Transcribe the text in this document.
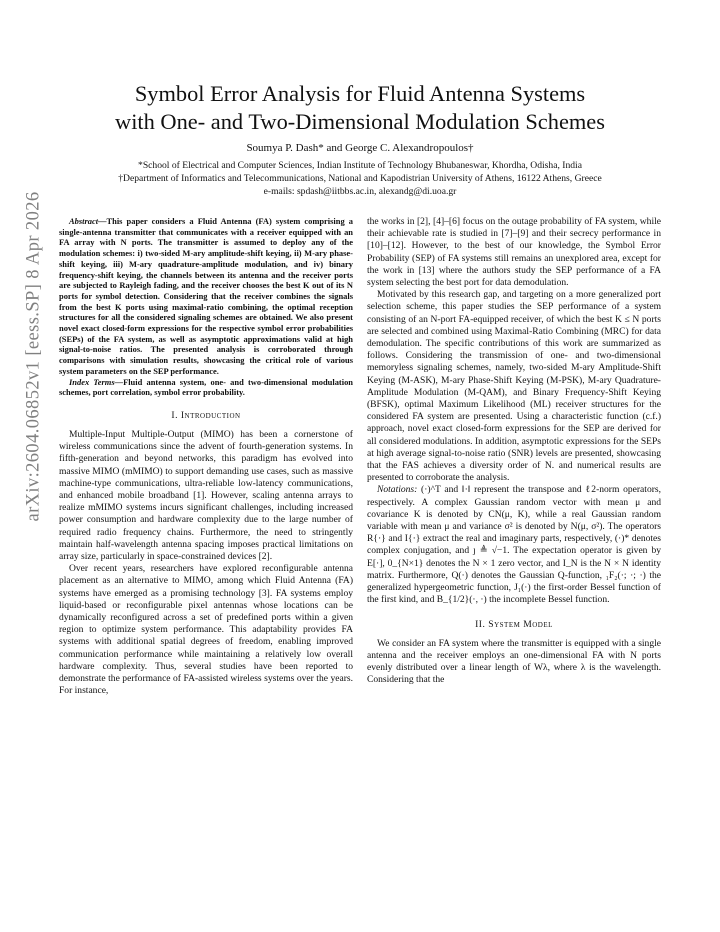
arXiv:2604.06852v1 [eess.SP] 8 Apr 2026
Symbol Error Analysis for Fluid Antenna Systems
with One- and Two-Dimensional Modulation Schemes
Soumya P. Dash* and George C. Alexandropoulos†
*School of Electrical and Computer Sciences, Indian Institute of Technology Bhubaneswar, Khordha, Odisha, India
†Department of Informatics and Telecommunications, National and Kapodistrian University of Athens, 16122 Athens, Greece
e-mails: spdash@iitbbs.ac.in, alexandg@di.uoa.gr

Abstract—This paper considers a Fluid Antenna (FA) system comprising a single-antenna transmitter that communicates with a receiver equipped with an FA array with N ports. The transmitter is assumed to deploy any of the modulation schemes: i) two-sided M-ary amplitude-shift keying, ii) M-ary phase-shift keying, iii) M-ary quadrature-amplitude modulation, and iv) binary frequency-shift keying, the channels between its antenna and the receiver ports are subjected to Rayleigh fading, and the receiver chooses the best K out of its N ports for symbol detection. Considering that the receiver combines the signals from the best K ports using maximal-ratio combining, the optimal reception structures for all the considered signaling schemes are obtained. We also present novel exact closed-form expressions for the respective symbol error probabilities (SEPs) of the FA system, as well as asymptotic approximations valid at high signal-to-noise ratios. The presented analysis is corroborated through comparisons with simulation results, showcasing the critical role of various system parameters on the SEP performance.

Index Terms—Fluid antenna system, one- and two-dimensional modulation schemes, port correlation, symbol error probability.

I. Introduction

Multiple-Input Multiple-Output (MIMO) has been a cornerstone of wireless communications since the advent of fourth-generation systems. In fifth-generation and beyond networks, this paradigm has evolved into massive MIMO (mMIMO) to support demanding use cases, such as massive machine-type communications, ultra-reliable low-latency communications, and enhanced mobile broadband [1]. However, scaling antenna arrays to realize mMIMO systems incurs significant challenges, including increased power consumption and hardware complexity due to the large number of required radio frequency chains. Furthermore, the need to stringently maintain half-wavelength antenna spacing imposes practical limitations on array size, particularly in space-constrained devices [2].

Over recent years, researchers have explored reconfigurable antenna placement as an alternative to MIMO, among which Fluid Antenna (FA) systems have emerged as a promising technology [3]. FA systems employ liquid-based or reconfigurable pixel antennas whose locations can be dynamically reconfigured across a set of predefined ports within a given region to optimize system performance. This adaptability provides FA systems with additional spatial degrees of freedom, enabling improved communication performance while maintaining a relatively low overall hardware complexity. Thus, several studies have been reported to demonstrate the performance of FA-assisted wireless systems over the years. For instance,

the works in [2], [4]–[6] focus on the outage probability of FA system, while their achievable rate is studied in [7]–[9] and their secrecy performance in [10]–[12]. However, to the best of our knowledge, the Symbol Error Probability (SEP) of FA systems still remains an unexplored area, except for the work in [13] where the authors study the SEP performance of a FA system selecting the best port for data demodulation.

Motivated by this research gap, and targeting on a more generalized port selection scheme, this paper studies the SEP performance of a system consisting of an N-port FA-equipped receiver, of which the best K ≤ N ports are selected and combined using Maximal-Ratio Combining (MRC) for data demodulation. The specific contributions of this work are summarized as follows. Considering the transmission of one- and two-dimensional memoryless signaling schemes, namely, two-sided M-ary Amplitude-Shift Keying (M-ASK), M-ary Phase-Shift Keying (M-PSK), M-ary Quadrature-Amplitude Modulation (M-QAM), and Binary Frequency-Shift Keying (BFSK), optimal Maximum Likelihood (ML) receiver structures for the considered FA system are presented. Using a characteristic function (c.f.) approach, novel exact closed-form expressions for the SEP are derived for all considered modulations. In addition, asymptotic expressions for the SEPs at high average signal-to-noise ratio (SNR) levels are presented, showcasing that the FAS achieves a diversity order of N. and numerical results are presented to corroborate the analysis.

Notations: (·)^T and ‖·‖ represent the transpose and ℓ2-norm operators, respectively. A complex Gaussian random vector with mean μ and covariance K is denoted by CN(μ, K), while a real Gaussian random variable with mean μ and variance σ² is denoted by N(μ, σ²). The operators R{·} and I{·} extract the real and imaginary parts, respectively, (·)* denotes complex conjugation, and ȷ ≜ √−1. The expectation operator is given by E[·], 0_{N×1} denotes the N × 1 zero vector, and I_N is the N × N identity matrix. Furthermore, Q(·) denotes the Gaussian Q-function, ₁F₂(·; ·; ·) the generalized hypergeometric function, J₁(·) the first-order Bessel function of the first kind, and B_{1/2}(·, ·) the incomplete Bessel function.

II. System Model

We consider an FA system where the transmitter is equipped with a single antenna and the receiver employs an one-dimensional FA with N ports evenly distributed over a linear length of Wλ, where λ is the wavelength. Considering that the
